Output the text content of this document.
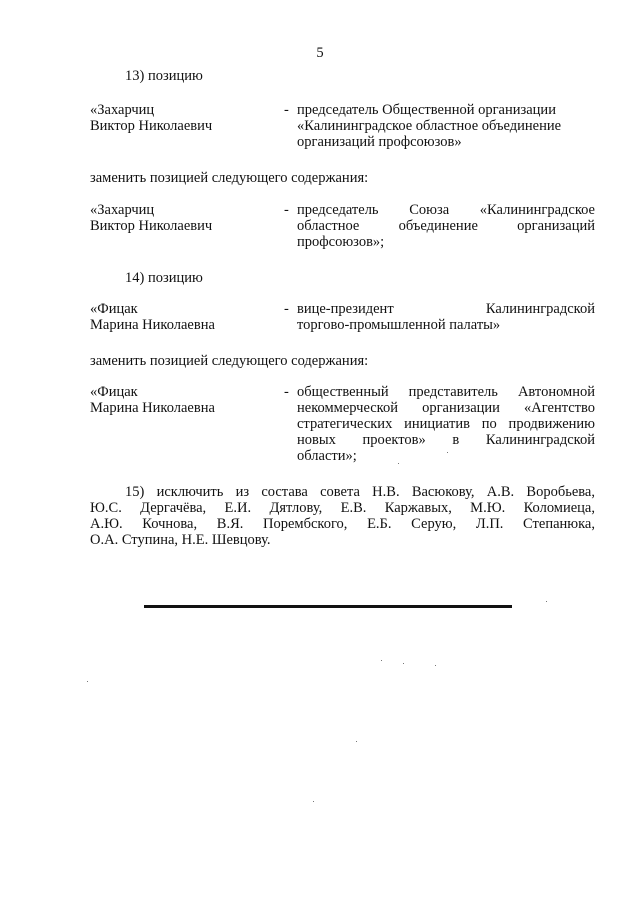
5
13) позицию
«Захарчиц
Виктор Николаевич
- председатель Общественной организации
«Калининградское областное объединение
организаций профсоюзов»
заменить позицией следующего содержания:
«Захарчиц
Виктор Николаевич
- председатель Союза «Калининградское
областное объединение организаций
профсоюзов»;
14) позицию
«Фицак
Марина Николаевна
- вице-президент Калининградской
торгово-промышленной палаты»
заменить позицией следующего содержания:
«Фицак
Марина Николаевна
- общественный представитель Автономной
некоммерческой организации «Агентство
стратегических инициатив по продвижению
новых проектов» в Калининградской
области»;
15) исключить из состава совета Н.В. Васюкову, А.В. Воробьева,
Ю.С. Дергачёва, Е.И. Дятлову, Е.В. Каржавых, М.Ю. Коломиеца,
А.Ю. Кочнова, В.Я. Порембского, Е.Б. Серую, Л.П. Степанюка,
О.А. Ступина, Н.Е. Шевцову.
